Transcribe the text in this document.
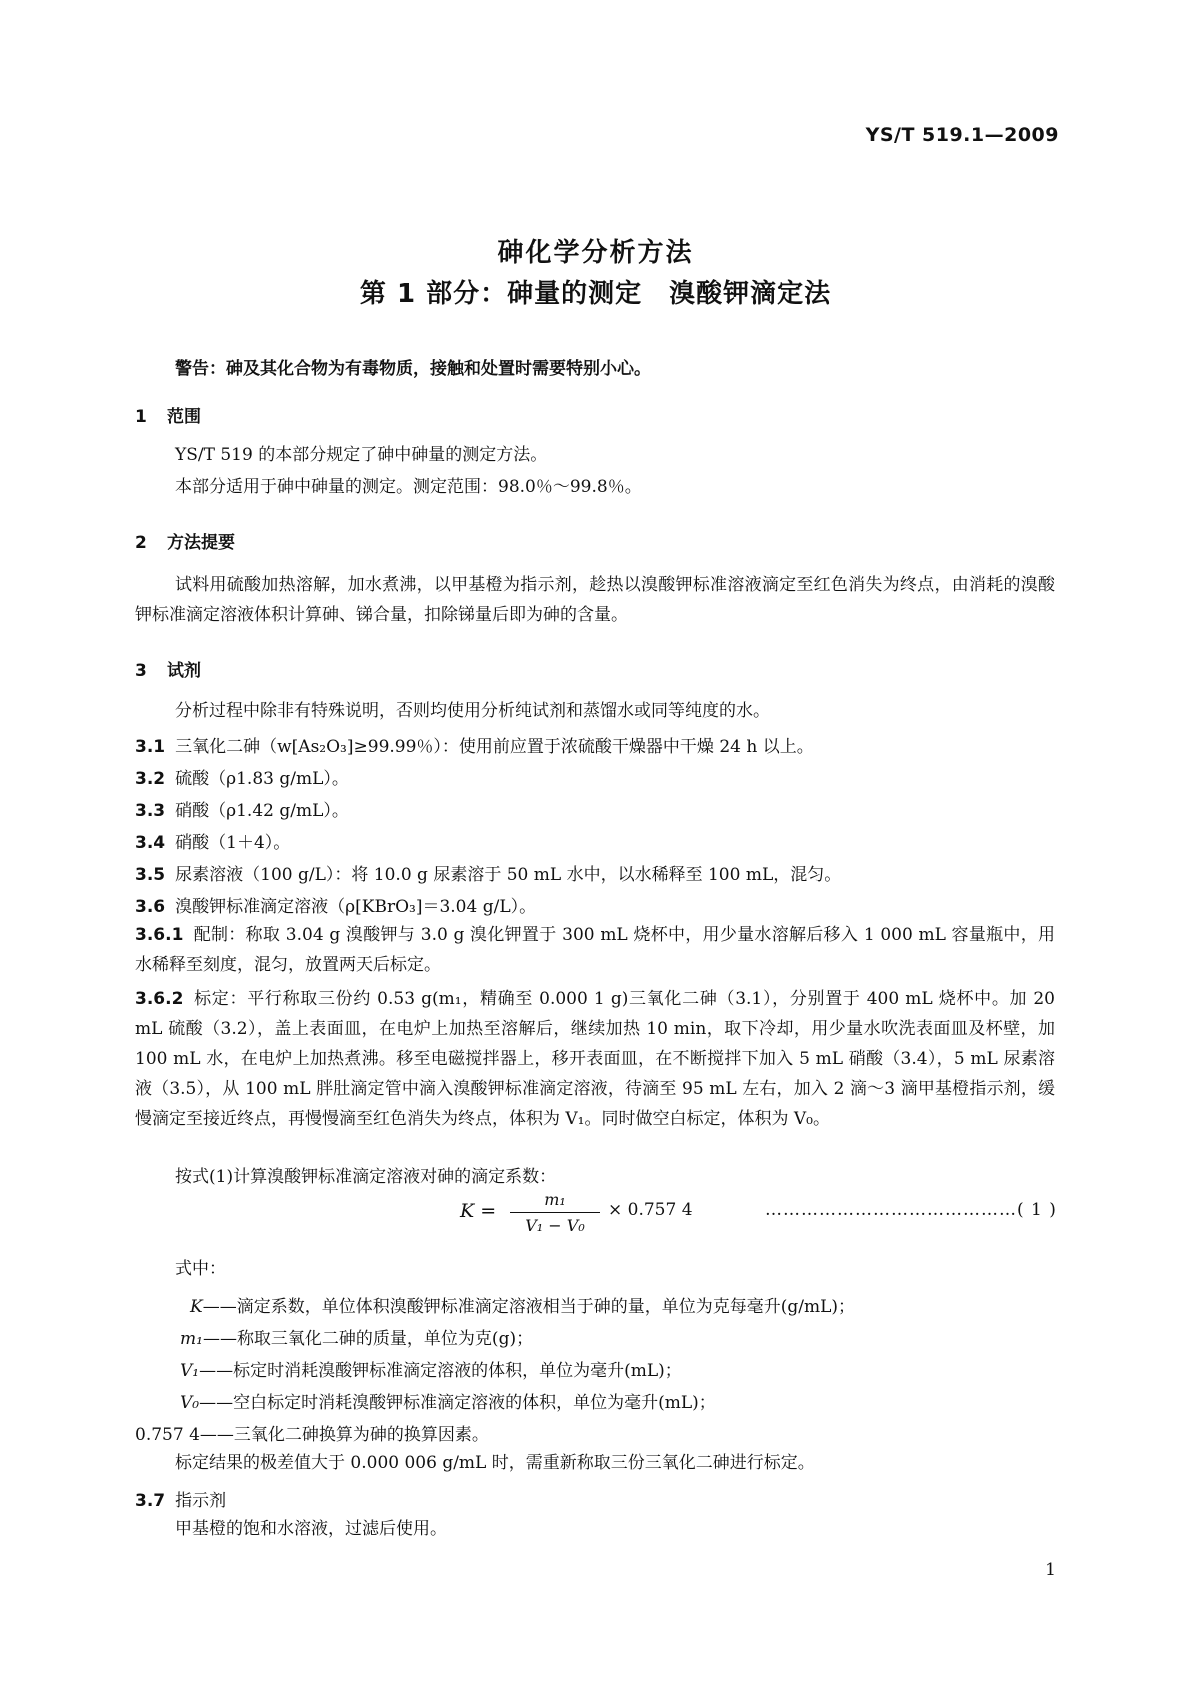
YS/T 519.1—2009
砷化学分析方法
第 1 部分：砷量的测定　溴酸钾滴定法
警告：砷及其化合物为有毒物质，接触和处置时需要特别小心。
1 范围
YS/T 519 的本部分规定了砷中砷量的测定方法。
本部分适用于砷中砷量的测定。测定范围：98.0％～99.8％。
2 方法提要
试料用硫酸加热溶解，加水煮沸，以甲基橙为指示剂，趁热以溴酸钾标准溶液滴定至红色消失为终点，由消耗的溴酸钾标准滴定溶液体积计算砷、锑合量，扣除锑量后即为砷的含量。
3 试剂
分析过程中除非有特殊说明，否则均使用分析纯试剂和蒸馏水或同等纯度的水。
3.1 三氧化二砷（w[As₂O₃]≥99.99％）：使用前应置于浓硫酸干燥器中干燥 24 h 以上。
3.2 硫酸（ρ1.83 g/mL）。
3.3 硝酸（ρ1.42 g/mL）。
3.4 硝酸（1＋4）。
3.5 尿素溶液（100 g/L）：将 10.0 g 尿素溶于 50 mL 水中，以水稀释至 100 mL，混匀。
3.6 溴酸钾标准滴定溶液（ρ[KBrO₃]＝3.04 g/L）。
3.6.1 配制：称取 3.04 g 溴酸钾与 3.0 g 溴化钾置于 300 mL 烧杯中，用少量水溶解后移入 1 000 mL 容量瓶中，用水稀释至刻度，混匀，放置两天后标定。
3.6.2 标定：平行称取三份约 0.53 g(m₁，精确至 0.000 1 g)三氧化二砷（3.1），分别置于 400 mL 烧杯中。加 20 mL 硫酸（3.2），盖上表面皿，在电炉上加热至溶解后，继续加热 10 min，取下冷却，用少量水吹洗表面皿及杯壁，加 100 mL 水，在电炉上加热煮沸。移至电磁搅拌器上，移开表面皿，在不断搅拌下加入 5 mL 硝酸（3.4），5 mL 尿素溶液（3.5），从 100 mL 胖肚滴定管中滴入溴酸钾标准滴定溶液，待滴至 95 mL 左右，加入 2 滴～3 滴甲基橙指示剂，缓慢滴定至接近终点，再慢慢滴至红色消失为终点，体积为 V₁。同时做空白标定，体积为 V₀。
按式(1)计算溴酸钾标准滴定溶液对砷的滴定系数：
K =
m₁
V₁ − V₀
× 0.757 4	……………………………………( 1 )
式中：
K——滴定系数，单位体积溴酸钾标准滴定溶液相当于砷的量，单位为克每毫升(g/mL)；
m₁——称取三氧化二砷的质量，单位为克(g)；
V₁——标定时消耗溴酸钾标准滴定溶液的体积，单位为毫升(mL)；
V₀——空白标定时消耗溴酸钾标准滴定溶液的体积，单位为毫升(mL)；
0.757 4——三氧化二砷换算为砷的换算因素。
标定结果的极差值大于 0.000 006 g/mL 时，需重新称取三份三氧化二砷进行标定。
3.7 指示剂
甲基橙的饱和水溶液，过滤后使用。
1
